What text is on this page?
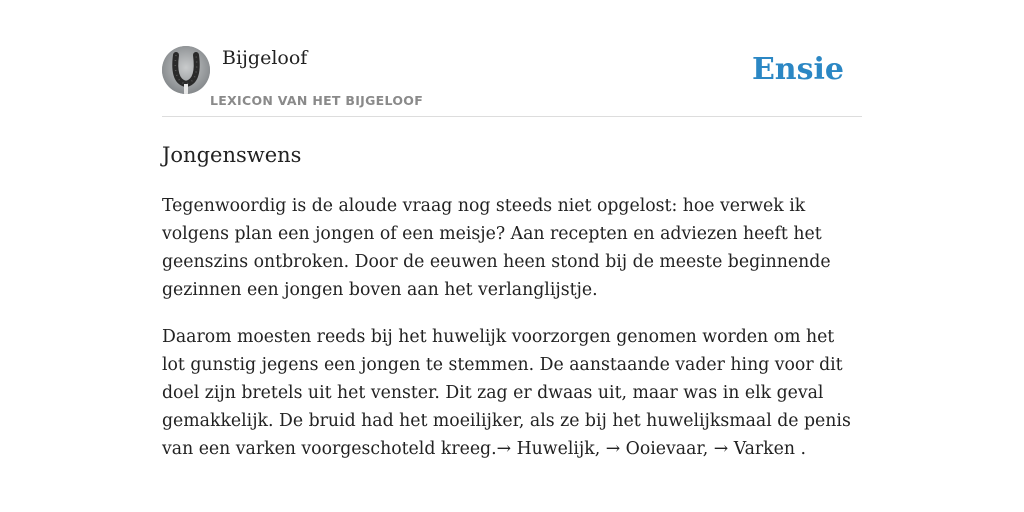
Bijgeloof
LEXICON VAN HET BIJGELOOF
Ensie
Jongenswens

Tegenwoordig is de aloude vraag nog steeds niet opgelost: hoe verwek ik volgens plan een jongen of een meisje? Aan recepten en adviezen heeft het geenszins ontbroken. Door de eeuwen heen stond bij de meeste beginnende gezinnen een jongen boven aan het verlanglijstje.

Daarom moesten reeds bij het huwelijk voorzorgen genomen worden om het lot gunstig jegens een jongen te stemmen. De aanstaande vader hing voor dit doel zijn bretels uit het venster. Dit zag er dwaas uit, maar was in elk geval gemakkelijk. De bruid had het moeilijker, als ze bij het huwelijksmaal de penis van een varken voorgeschoteld kreeg.→ Huwelijk, → Ooievaar, → Varken .
